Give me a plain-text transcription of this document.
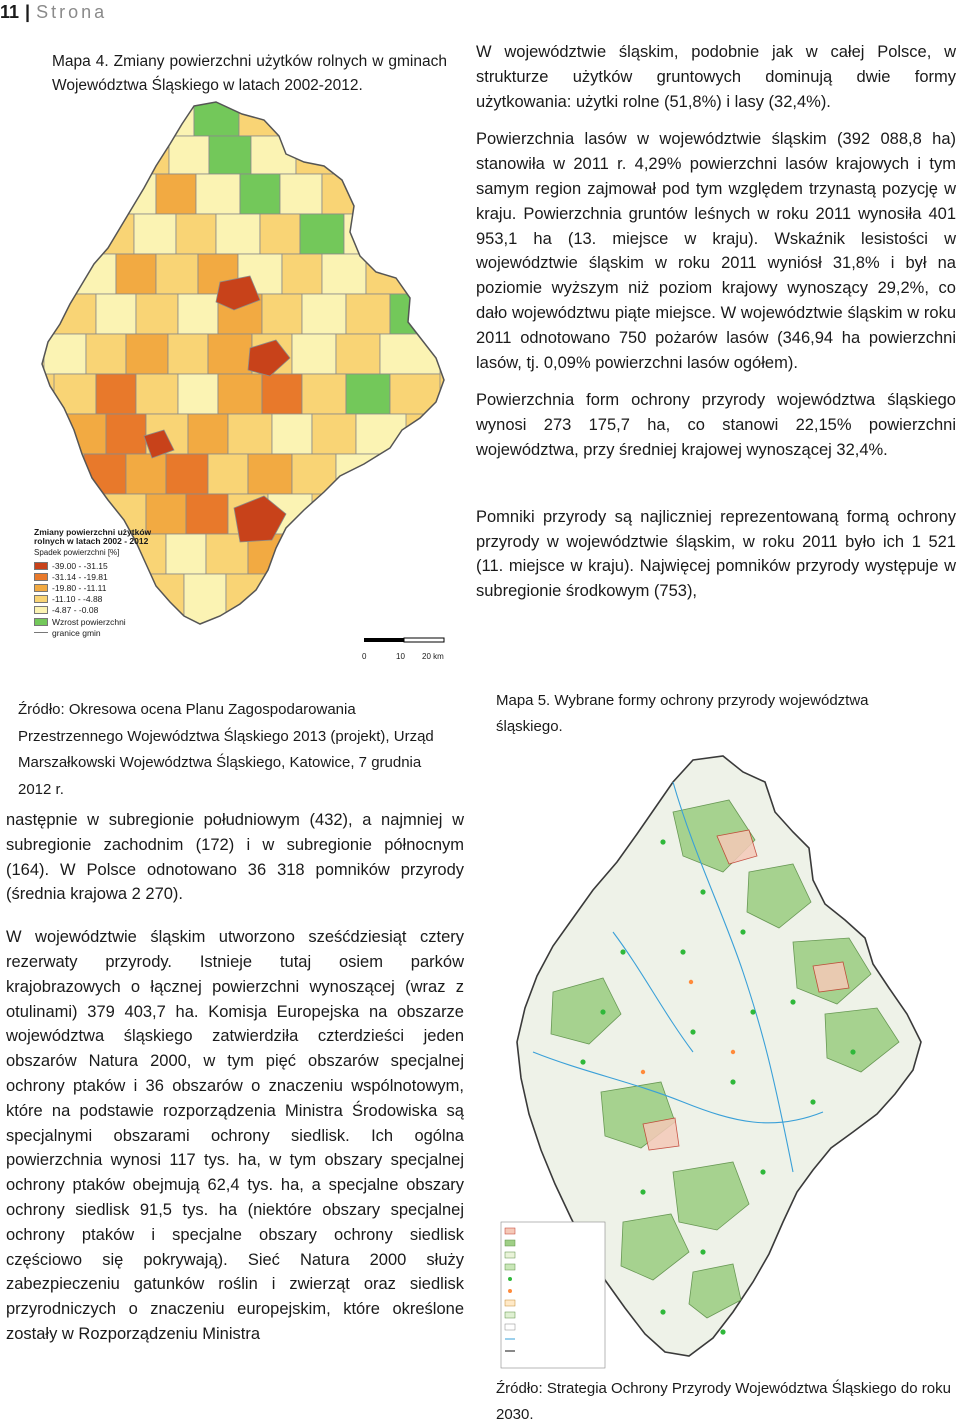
11 | Strona
Mapa 4. Zmiany powierzchni użytków rolnych w gminach Województwa Śląskiego w latach 2002-2012.
Zmiany powierzchni użytków rolnych w latach 2002 - 2012
Spadek powierzchni [%]
-39.00 - -31.15
-31.14 - -19.81
-19.80 - -11.11
-11.10 - -4.88
-4.87 - -0.08
Wzrost powierzchni
granice gmin
0	10 20 km

W województwie śląskim, podobnie jak w całej Polsce, w strukturze użytków gruntowych dominują dwie formy użytkowania: użytki rolne (51,8%) i lasy (32,4%).

Powierzchnia lasów w województwie śląskim (392 088,8 ha) stanowiła w 2011 r. 4,29% powierzchni lasów krajowych i tym samym region zajmował pod tym względem trzynastą pozycję w kraju. Powierzchnia gruntów leśnych w roku 2011 wynosiła 401 953,1 ha (13. miejsce w kraju). Wskaźnik lesistości w województwie śląskim w roku 2011 wyniósł 31,8% i był na poziomie wyższym niż poziom krajowy wynoszący 29,2%, co dało województwu piąte miejsce. W województwie śląskim w roku 2011 odnotowano 750 pożarów lasów (346,94 ha powierzchni lasów, tj. 0,09% powierzchni lasów ogółem).

Powierzchnia form ochrony przyrody województwa śląskiego wynosi 273 175,7 ha, co stanowi 22,15% powierzchni województwa, przy średniej krajowej wynoszącej 32,4%.

Pomniki przyrody są najliczniej reprezentowaną formą ochrony przyrody w województwie śląskim, w roku 2011 było ich 1 521 (11. miejsce w kraju). Najwięcej pomników przyrody występuje w subregionie środkowym (753),

Źródło: Okresowa ocena Planu Zagospodarowania Przestrzennego Województwa Śląskiego 2013 (projekt), Urząd Marszałkowski Województwa Śląskiego, Katowice, 7 grudnia 2012 r.

następnie w subregionie południowym (432), a najmniej w subregionie zachodnim (172) i w subregionie północnym (164). W Polsce odnotowano 36 318 pomników przyrody (średnia krajowa 2 270).

W województwie śląskim utworzono sześćdziesiąt cztery rezerwaty przyrody. Istnieje tutaj osiem parków krajobrazowych o łącznej powierzchni wynoszącej (wraz z otulinami) 379 403,7 ha. Komisja Europejska na obszarze województwa śląskiego zatwierdziła czterdzieści jeden obszarów Natura 2000, w tym pięć obszarów specjalnej ochrony ptaków i 36 obszarów o znaczeniu wspólnotowym, które na podstawie rozporządzenia Ministra Środowiska są specjalnymi obszarami ochrony siedlisk. Ich ogólna powierzchnia wynosi 117 tys. ha, w tym obszary specjalnej ochrony ptaków obejmują 62,4 tys. ha, a specjalne obszary ochrony siedlisk 91,5 tys. ha (niektóre obszary specjalnej ochrony ptaków i specjalne obszary ochrony siedlisk częściowo się pokrywają). Sieć Natura 2000 służy zabezpieczeniu gatunków roślin i zwierząt oraz siedlisk przyrodniczych o znaczeniu europejskim, które określone zostały w Rozporządzeniu Ministra

Mapa 5. Wybrane formy ochrony przyrody województwa śląskiego.
Źródło: Strategia Ochrony Przyrody Województwa Śląskiego do roku 2030.
